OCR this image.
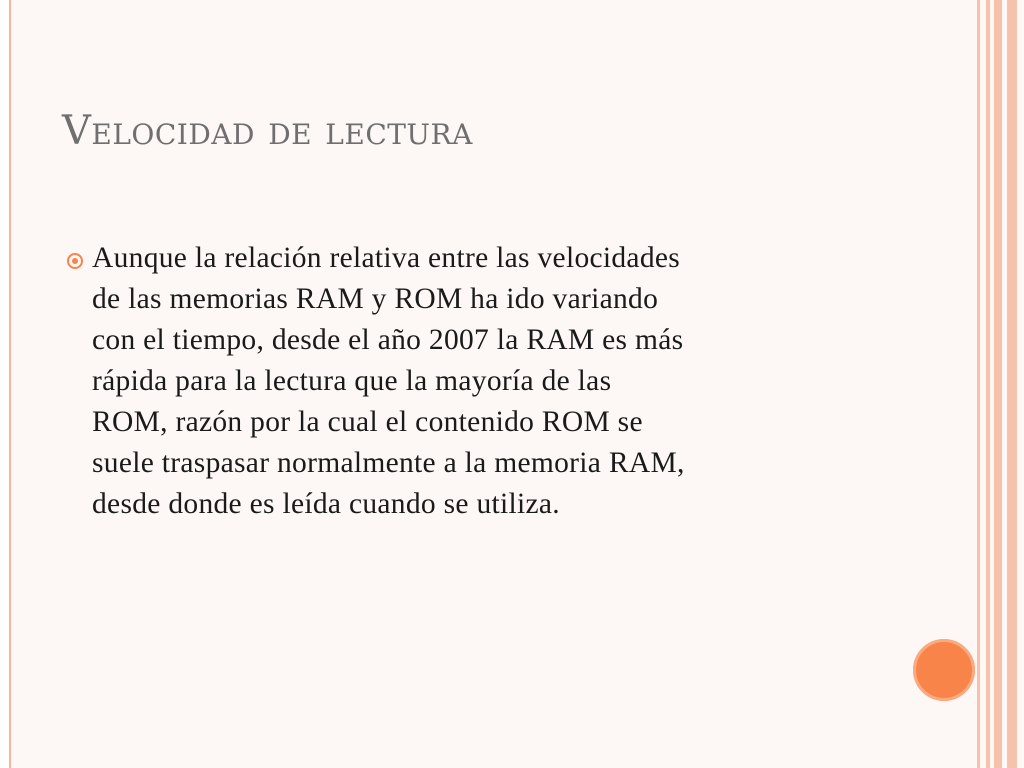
Velocidad de lectura
Aunque la relación relativa entre las velocidades
de las memorias RAM y ROM ha ido variando
con el tiempo, desde el año 2007 la RAM es más
rápida para la lectura que la mayoría de las
ROM, razón por la cual el contenido ROM se
suele traspasar normalmente a la memoria RAM,
desde donde es leída cuando se utiliza.
